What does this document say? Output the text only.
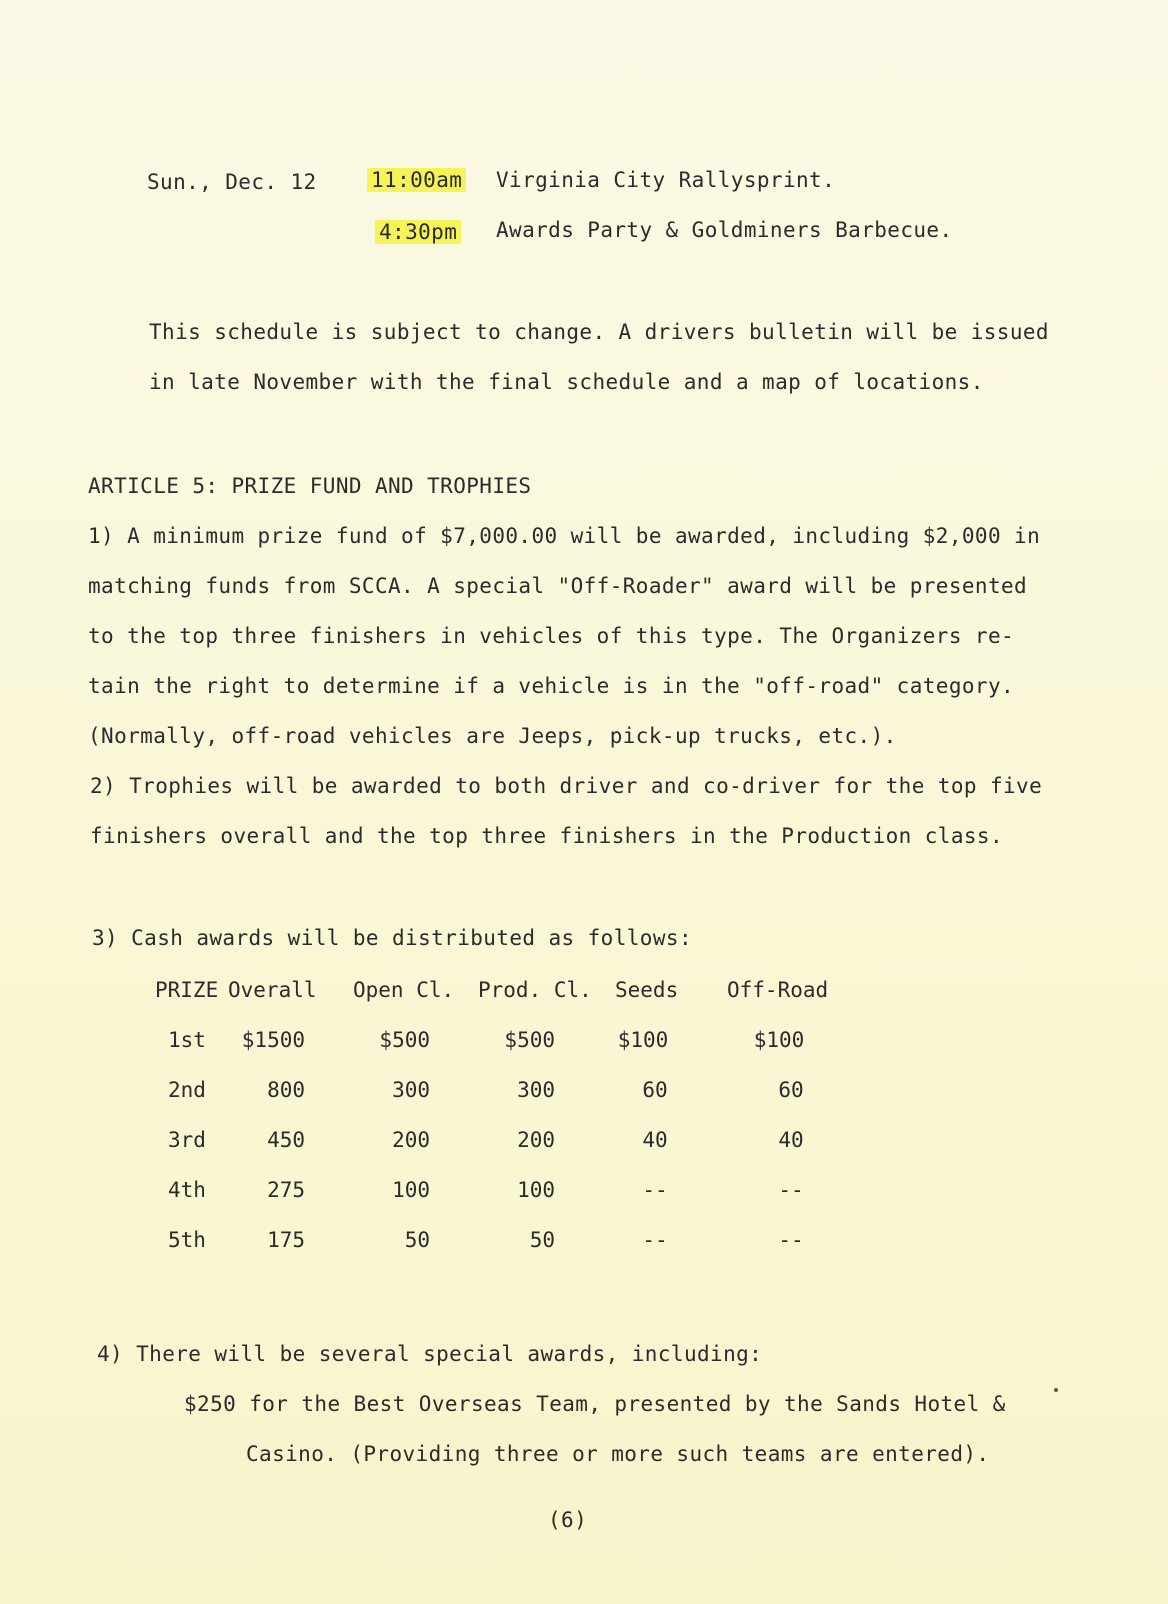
Sun., Dec. 12	11:00am Virginia City Rallysprint.
4:30pm Awards Party & Goldminers Barbecue.
This schedule is subject to change. A drivers bulletin will be issued
in late November with the final schedule and a map of locations.
ARTICLE 5: PRIZE FUND AND TROPHIES
1) A minimum prize fund of $7,000.00 will be awarded, including $2,000 in
matching funds from SCCA. A special "Off-Roader" award will be presented
to the top three finishers in vehicles of this type. The Organizers re-
tain the right to determine if a vehicle is in the "off-road" category.
(Normally, off-road vehicles are Jeeps, pick-up trucks, etc.).
2) Trophies will be awarded to both driver and co-driver for the top five
finishers overall and the top three finishers in the Production class.
3) Cash awards will be distributed as follows:
PRIZE Overall Open Cl. Prod. Cl. Seeds Off-Road
1st	$1500	$500	$500	$100	$100
2nd	800	300	300	60	60
3rd	450	200	200	40	40
4th	275	100	100	--	--
5th	175	50	50	--	--
4) There will be several special awards, including:
$250 for the Best Overseas Team, presented by the Sands Hotel &
Casino. (Providing three or more such teams are entered).
(6)
